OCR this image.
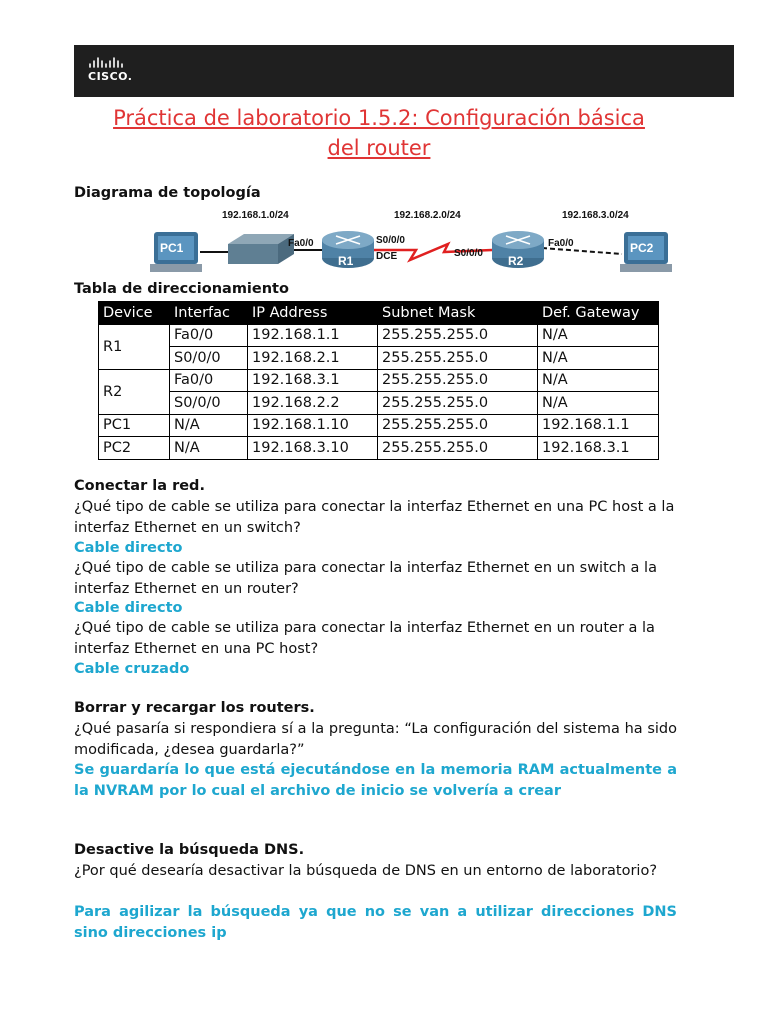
CISCO.
Práctica de laboratorio 1.5.2: Configuración básica
del router
Diagrama de topología
192.168.1.0/24	192.168.2.0/24	192.168.3.0/24
PC1	Fa0/0
R1
S0/0/0
DCE	S0/0/0
R2
Fa0/0	PC2
Tabla de direccionamiento
Device	Interfac	IP Address	Subnet Mask	Def. Gateway
R1	Fa0/0	192.168.1.1	255.255.255.0	N/A
	S0/0/0	192.168.2.1	255.255.255.0	N/A
R2	Fa0/0	192.168.3.1	255.255.255.0	N/A
	S0/0/0	192.168.2.2	255.255.255.0	N/A
PC1	N/A	192.168.1.10	255.255.255.0	192.168.1.1
PC2	N/A	192.168.3.10	255.255.255.0	192.168.3.1
Conectar la red.
¿Qué tipo de cable se utiliza para conectar la interfaz Ethernet en una PC host a la interfaz Ethernet en un switch?
Cable directo
¿Qué tipo de cable se utiliza para conectar la interfaz Ethernet en un switch a la interfaz Ethernet en un router?
Cable directo
¿Qué tipo de cable se utiliza para conectar la interfaz Ethernet en un router a la interfaz Ethernet en una PC host?
Cable cruzado
Borrar y recargar los routers.
¿Qué pasaría si respondiera sí a la pregunta: “La configuración del sistema ha sido modificada, ¿desea guardarla?”
Se guardaría lo que está ejecutándose en la memoria RAM actualmente a la NVRAM por lo cual el archivo de inicio se volvería a crear
Desactive la búsqueda DNS.
¿Por qué desearía desactivar la búsqueda de DNS en un entorno de laboratorio?
Para agilizar la búsqueda ya que no se van a utilizar direcciones DNS sino direcciones ip
